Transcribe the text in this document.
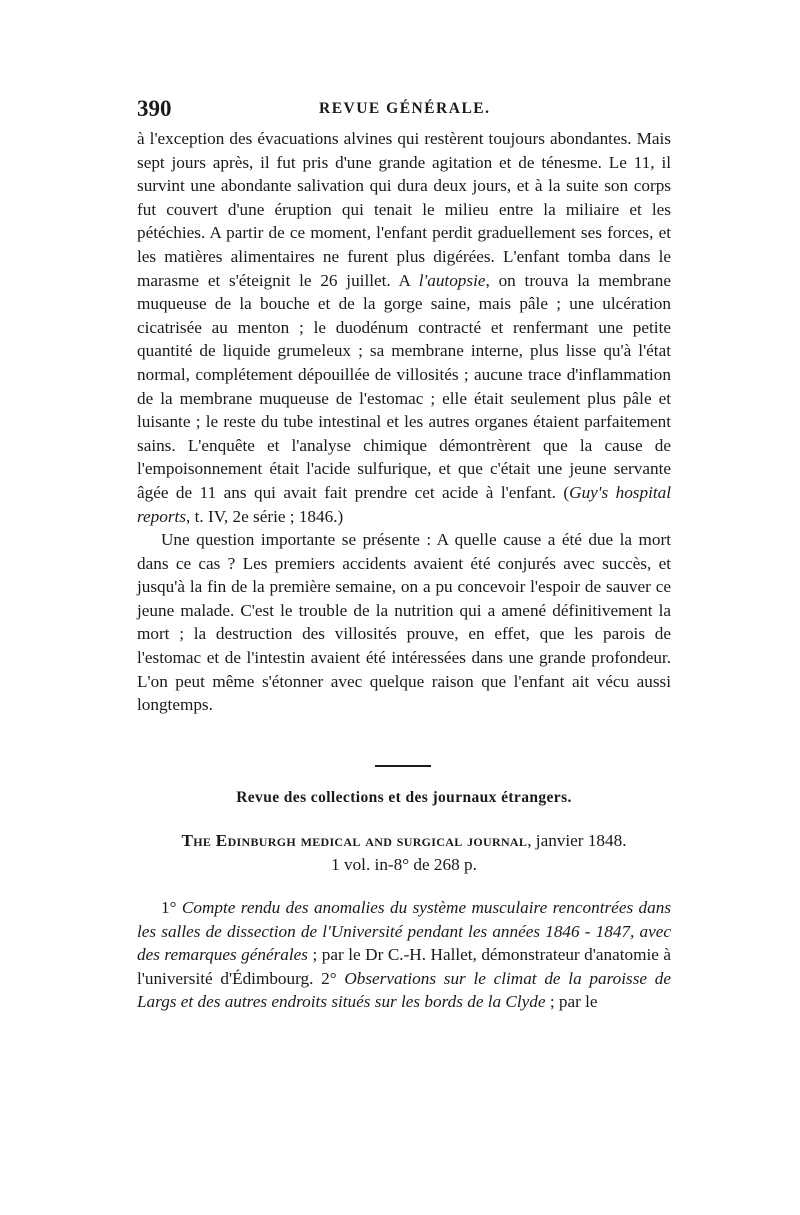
390	REVUE GÉNÉRALE.

à l'exception des évacuations alvines qui restèrent toujours abondantes. Mais sept jours après, il fut pris d'une grande agitation et de ténesme. Le 11, il survint une abondante salivation qui dura deux jours, et à la suite son corps fut couvert d'une éruption qui tenait le milieu entre la miliaire et les pétéchies. A partir de ce moment, l'enfant perdit graduellement ses forces, et les matières alimentaires ne furent plus digérées. L'enfant tomba dans le marasme et s'éteignit le 26 juillet. A l'autopsie, on trouva la membrane muqueuse de la bouche et de la gorge saine, mais pâle ; une ulcération cicatrisée au menton ; le duodénum contracté et renfermant une petite quantité de liquide grumeleux ; sa membrane interne, plus lisse qu'à l'état normal, complétement dépouillée de villosités ; aucune trace d'inflammation de la membrane muqueuse de l'estomac ; elle était seulement plus pâle et luisante ; le reste du tube intestinal et les autres organes étaient parfaitement sains. L'enquête et l'analyse chimique démontrèrent que la cause de l'empoisonnement était l'acide sulfurique, et que c'était une jeune servante âgée de 11 ans qui avait fait prendre cet acide à l'enfant. (Guy's hospital reports, t. IV, 2e série ; 1846.)

Une question importante se présente : A quelle cause a été due la mort dans ce cas ? Les premiers accidents avaient été conjurés avec succès, et jusqu'à la fin de la première semaine, on a pu concevoir l'espoir de sauver ce jeune malade. C'est le trouble de la nutrition qui a amené définitivement la mort ; la destruction des villosités prouve, en effet, que les parois de l'estomac et de l'intestin avaient été intéressées dans une grande profondeur. L'on peut même s'étonner avec quelque raison que l'enfant ait vécu aussi longtemps.

Revue des collections et des journaux étrangers.
The Edinburgh medical and surgical journal, janvier 1848.
1 vol. in-8° de 268 p.

1° Compte rendu des anomalies du système musculaire rencontrées dans les salles de dissection de l'Université pendant les années 1846 - 1847, avec des remarques générales ; par le Dr C.-H. Hallet, démonstrateur d'anatomie à l'université d'Édimbourg. 2° Observations sur le climat de la paroisse de Largs et des autres endroits situés sur les bords de la Clyde ; par le
